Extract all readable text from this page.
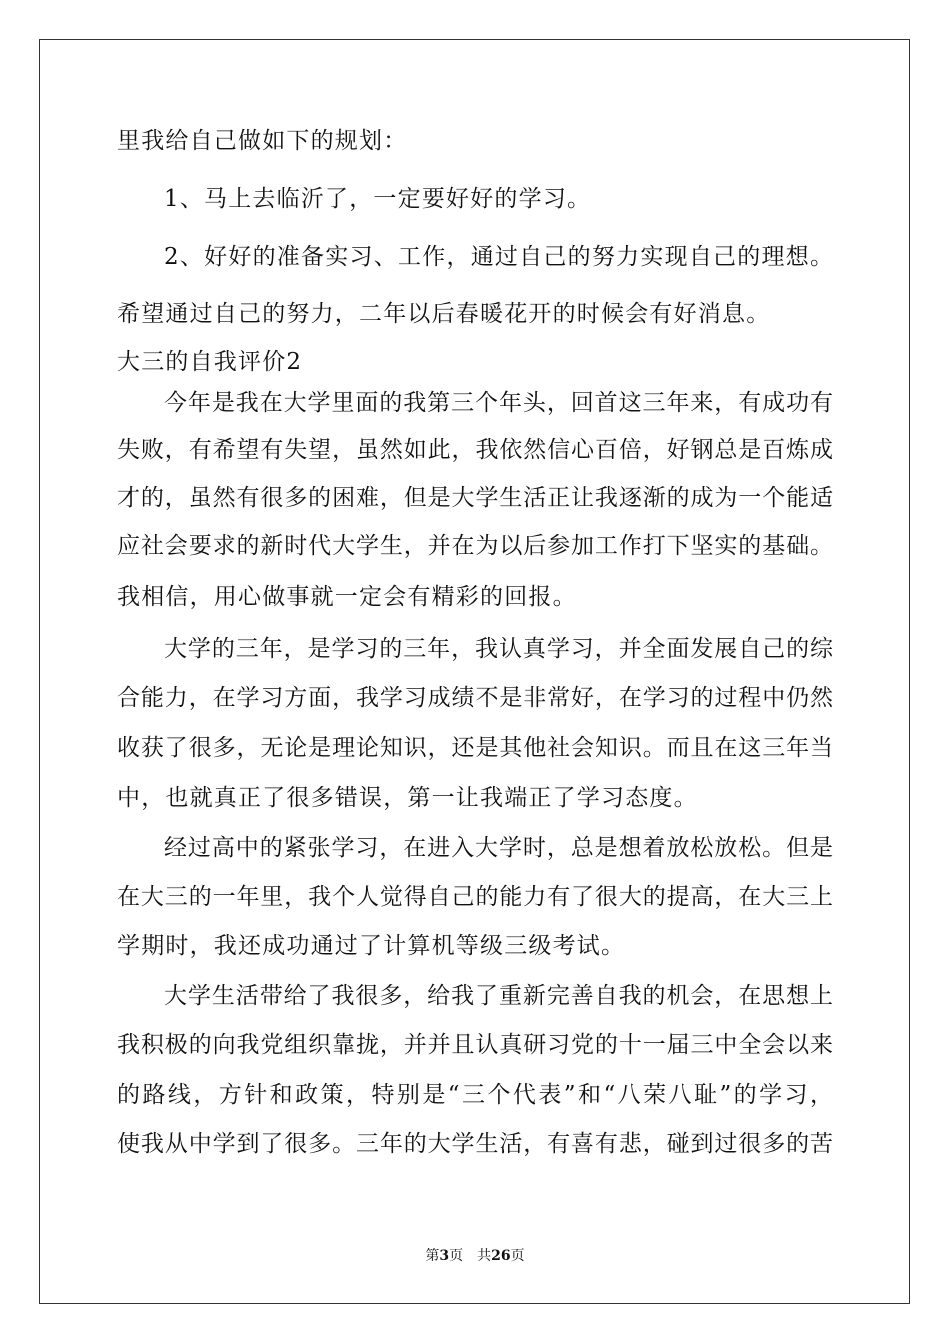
里我给自己做如下的规划：
1、马上去临沂了，一定要好好的学习。
2、好好的准备实习、工作，通过自己的努力实现自己的理想。
希望通过自己的努力，二年以后春暖花开的时候会有好消息。
大三的自我评价2
今年是我在大学里面的我第三个年头，回首这三年来，有成功有
失败，有希望有失望，虽然如此，我依然信心百倍，好钢总是百炼成
才的，虽然有很多的困难，但是大学生活正让我逐渐的成为一个能适
应社会要求的新时代大学生，并在为以后参加工作打下坚实的基础。
我相信，用心做事就一定会有精彩的回报。
大学的三年，是学习的三年，我认真学习，并全面发展自己的综
合能力，在学习方面，我学习成绩不是非常好，在学习的过程中仍然
收获了很多，无论是理论知识，还是其他社会知识。而且在这三年当
中，也就真正了很多错误，第一让我端正了学习态度。
经过高中的紧张学习，在进入大学时，总是想着放松放松。但是
在大三的一年里，我个人觉得自己的能力有了很大的提高，在大三上
学期时，我还成功通过了计算机等级三级考试。
大学生活带给了我很多，给我了重新完善自我的机会，在思想上
我积极的向我党组织靠拢，并并且认真研习党的十一届三中全会以来
的路线，方针和政策，特别是“三个代表”和“八荣八耻”的学习，
使我从中学到了很多。三年的大学生活，有喜有悲，碰到过很多的苦
第3页 共26页
